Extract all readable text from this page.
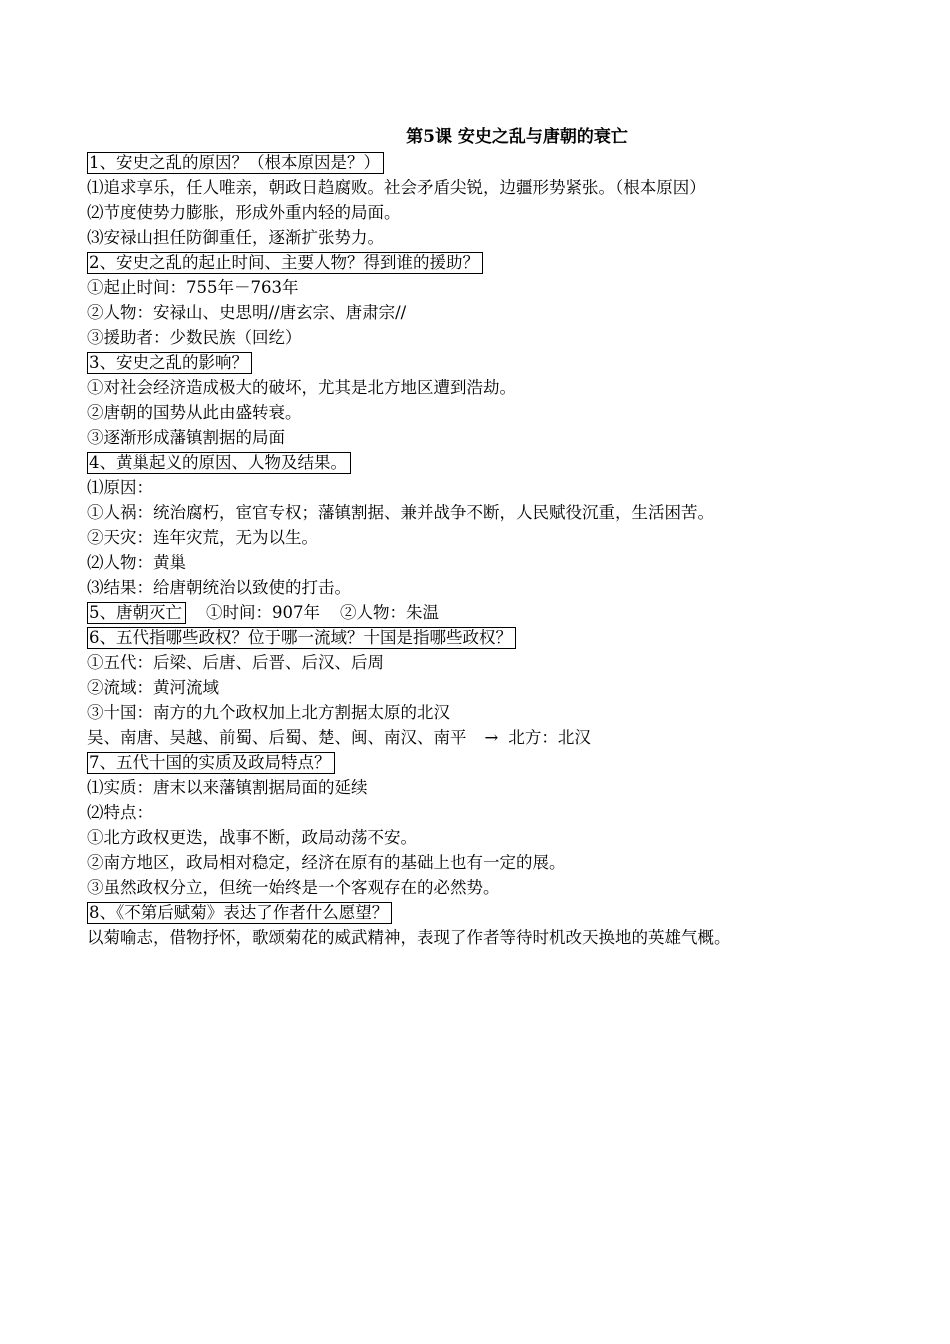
第5课 安史之乱与唐朝的衰亡
1、安史之乱的原因？（根本原因是？）
⑴追求享乐，任人唯亲，朝政日趋腐败。社会矛盾尖锐，边疆形势紧张。（根本原因）
⑵节度使势力膨胀，形成外重内轻的局面。
⑶安禄山担任防御重任，逐渐扩张势力。
2、安史之乱的起止时间、主要人物？得到谁的援助？
①起止时间：755年－763年
②人物：安禄山、史思明//唐玄宗、唐肃宗//
③援助者：少数民族（回纥）
3、安史之乱的影响？
①对社会经济造成极大的破坏，尤其是北方地区遭到浩劫。
②唐朝的国势从此由盛转衰。
③逐渐形成藩镇割据的局面
4、黄巢起义的原因、人物及结果。
⑴原因：
①人祸：统治腐朽，宦官专权；藩镇割据、兼并战争不断，人民赋役沉重，生活困苦。
②天灾：连年灾荒，无为以生。
⑵人物：黄巢
⑶结果：给唐朝统治以致使的打击。
5、唐朝灭亡 ①时间：907年 ②人物：朱温
6、五代指哪些政权？位于哪一流域？十国是指哪些政权？
①五代：后梁、后唐、后晋、后汉、后周
②流域：黄河流域
③十国：南方的九个政权加上北方割据太原的北汉
吴、南唐、吴越、前蜀、后蜀、楚、闽、南汉、南平 → 北方：北汉
7、五代十国的实质及政局特点？
⑴实质：唐末以来藩镇割据局面的延续
⑵特点：
①北方政权更迭，战事不断，政局动荡不安。
②南方地区，政局相对稳定，经济在原有的基础上也有一定的展。
③虽然政权分立，但统一始终是一个客观存在的必然势。
8、《不第后赋菊》表达了作者什么愿望？
以菊喻志，借物抒怀，歌颂菊花的威武精神，表现了作者等待时机改天换地的英雄气概。
